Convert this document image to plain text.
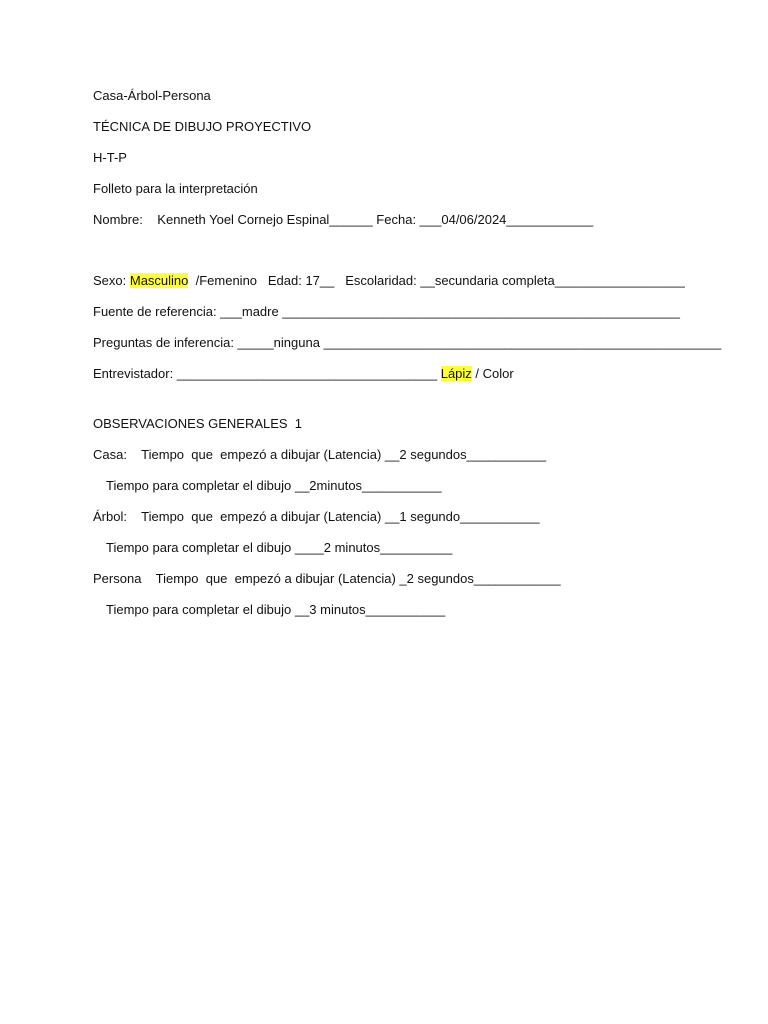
Casa-Árbol-Persona
TÉCNICA DE DIBUJO PROYECTIVO
H-T-P
Folleto para la interpretación
Nombre:    Kenneth Yoel Cornejo Espinal______ Fecha: ___04/06/2024____________
Sexo: Masculino  /Femenino   Edad: 17__   Escolaridad: __secundaria completa__________________
Fuente de referencia: ___madre _______________________________________________________
Preguntas de inferencia: _____ninguna _______________________________________________________
Entrevistador: ____________________________________ Lápiz / Color
OBSERVACIONES GENERALES  1
Casa:    Tiempo  que  empezó a dibujar (Latencia) __2 segundos___________
Tiempo para completar el dibujo __2minutos___________
Árbol:    Tiempo  que  empezó a dibujar (Latencia) __1 segundo___________
Tiempo para completar el dibujo ____2 minutos__________
Persona    Tiempo  que  empezó a dibujar (Latencia) _2 segundos____________
Tiempo para completar el dibujo __3 minutos___________
